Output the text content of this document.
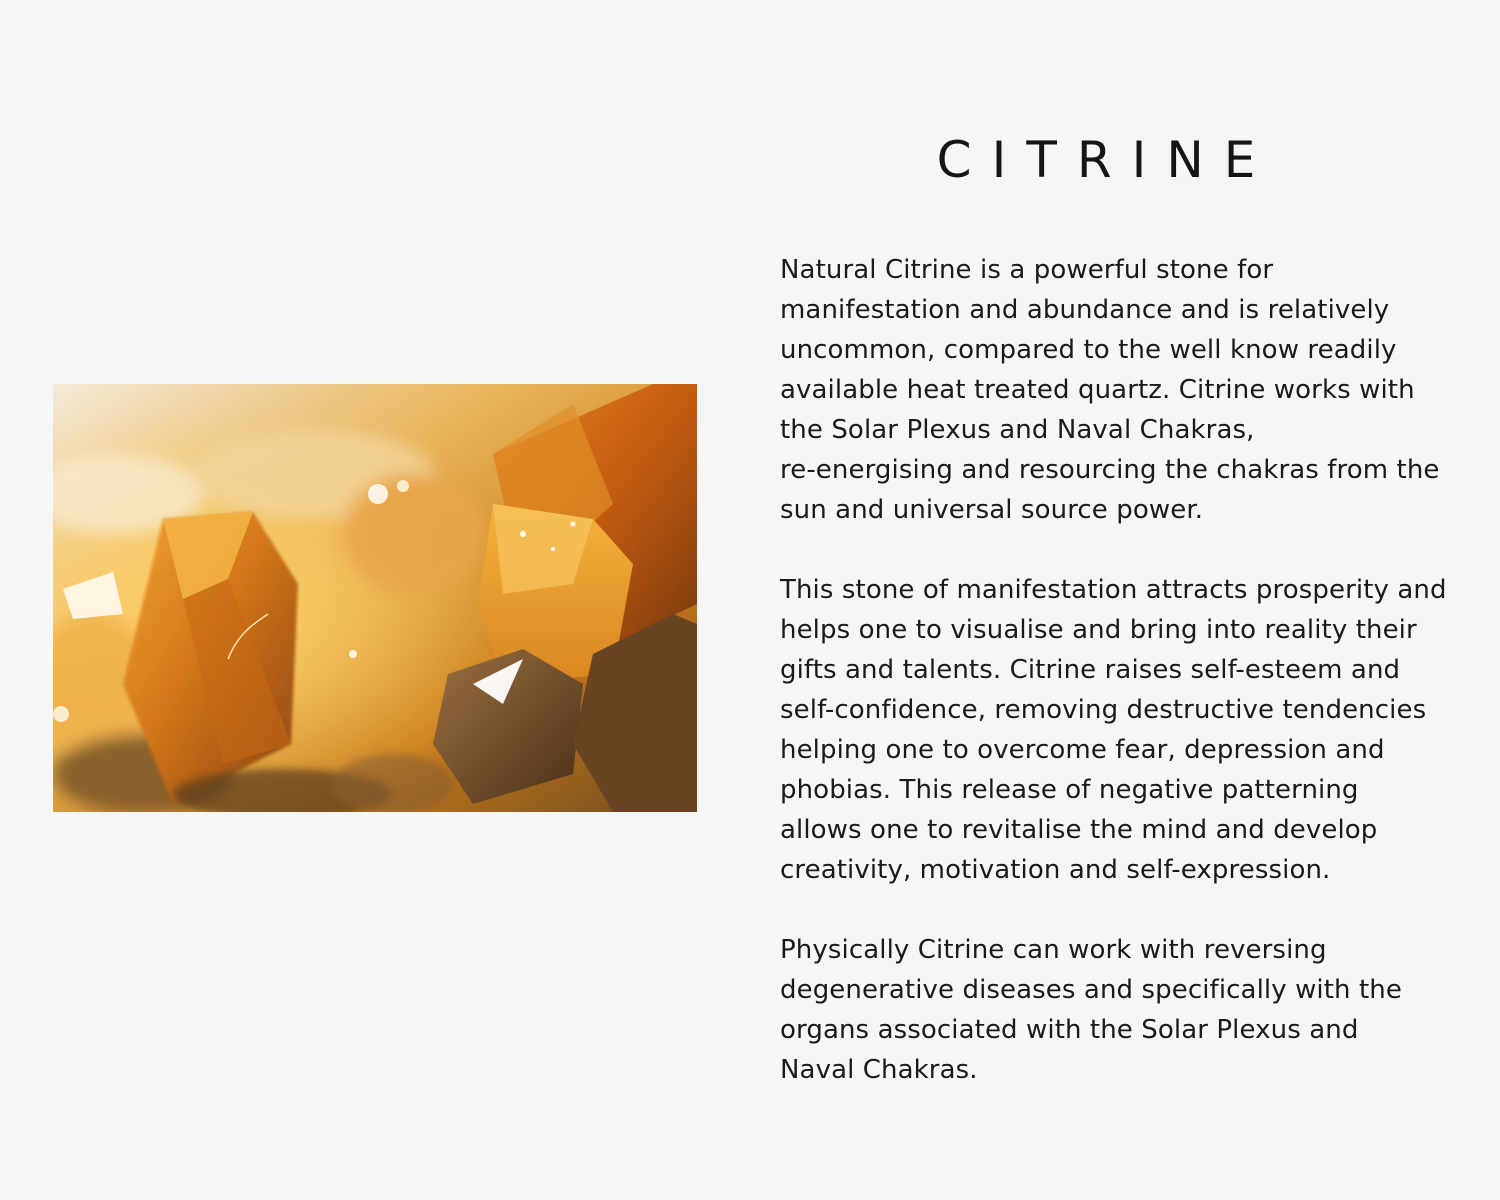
CITRINE

Natural Citrine is a powerful stone for
manifestation and abundance and is relatively
uncommon, compared to the well know readily
available heat treated quartz. Citrine works with
the Solar Plexus and Naval Chakras,
re-energising and resourcing the chakras from the
sun and universal source power.

This stone of manifestation attracts prosperity and
helps one to visualise and bring into reality their
gifts and talents. Citrine raises self-esteem and
self-confidence, removing destructive tendencies
helping one to overcome fear, depression and
phobias. This release of negative patterning
allows one to revitalise the mind and develop
creativity, motivation and self-expression.

Physically Citrine can work with reversing
degenerative diseases and specifically with the
organs associated with the Solar Plexus and
Naval Chakras.
